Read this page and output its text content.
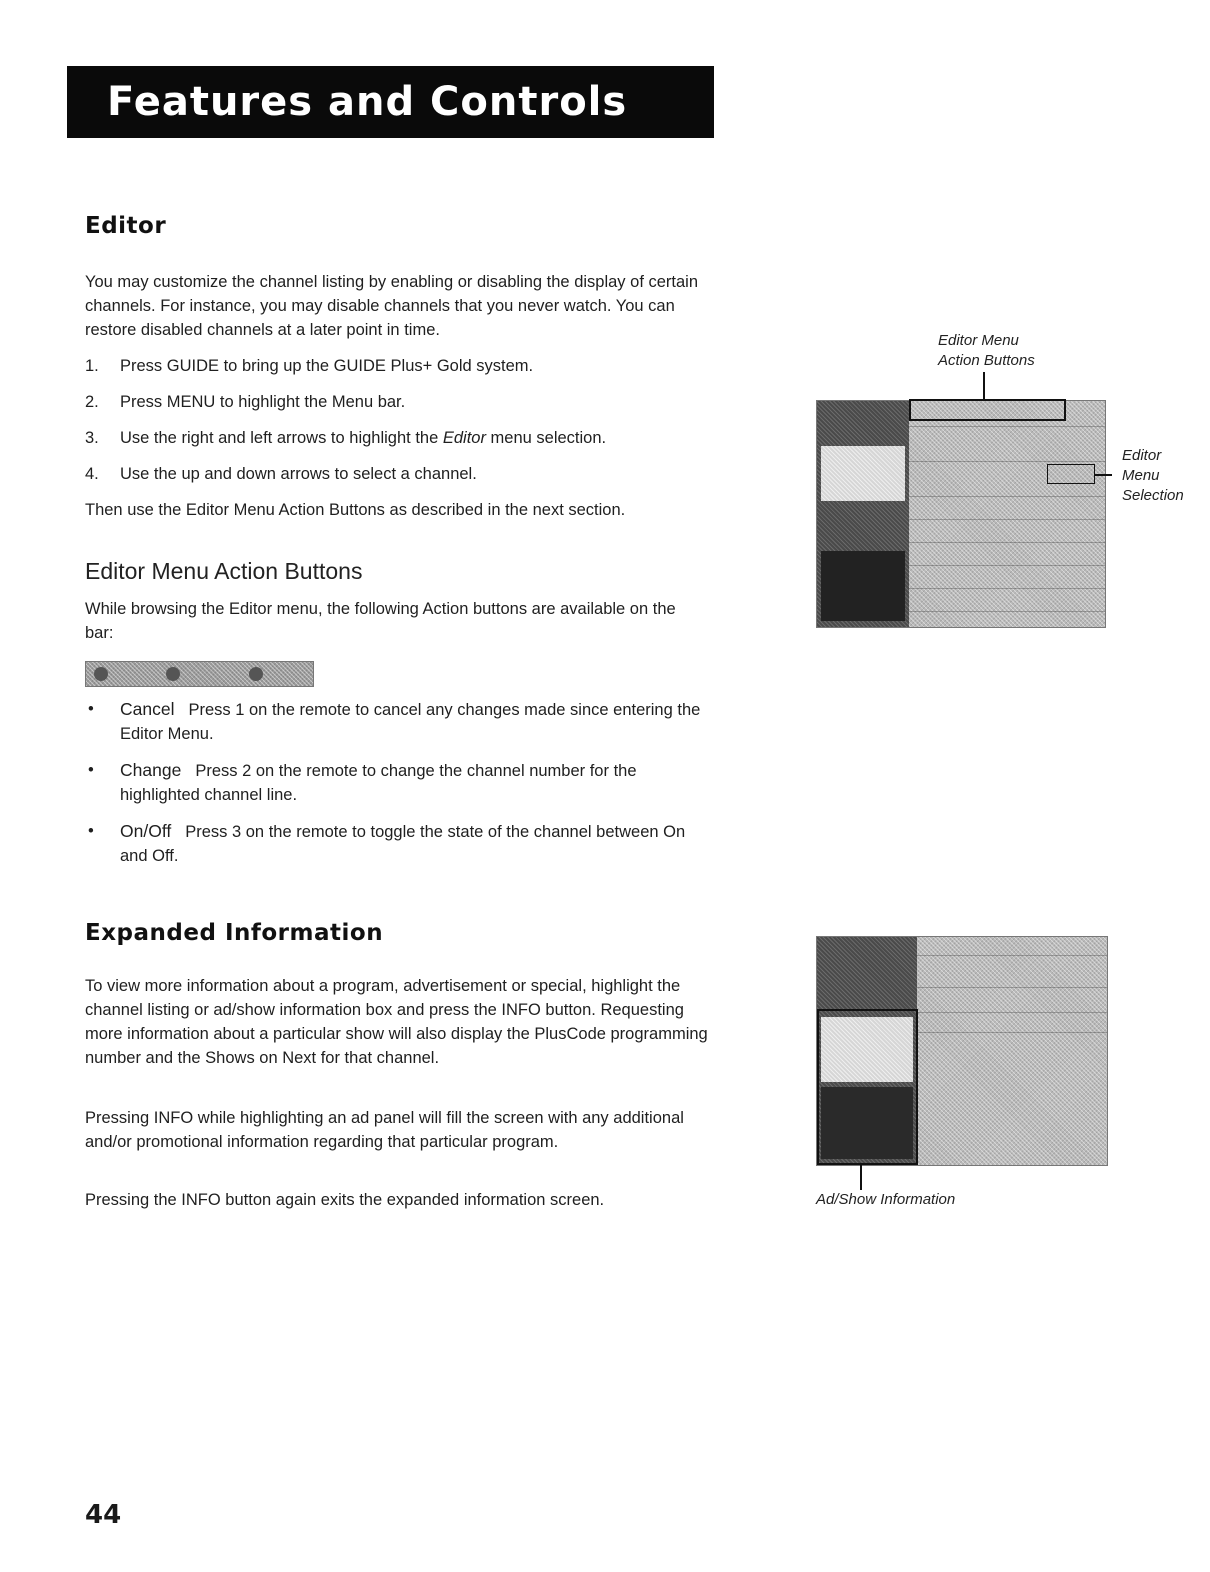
Features and Controls
Editor

You may customize the channel listing by enabling or disabling the display of certain channels. For instance, you may disable channels that you never watch. You can restore disabled channels at a later point in time.

1. Press GUIDE to bring up the GUIDE Plus+ Gold system.
2. Press MENU to highlight the Menu bar.
3. Use the right and left arrows to highlight the Editor menu selection.
4. Use the up and down arrows to select a channel.

Then use the Editor Menu Action Buttons as described in the next section.

Editor Menu Action Buttons

While browsing the Editor menu, the following Action buttons are available on the bar:

• Cancel Press 1 on the remote to cancel any changes made since entering the Editor Menu.
• Change Press 2 on the remote to change the channel number for the highlighted channel line.
• On/Off Press 3 on the remote to toggle the state of the channel between On and Off.
Editor Menu
Action Buttons
Editor
Menu
Selection
Expanded Information

To view more information about a program, advertisement or special, highlight the channel listing or ad/show information box and press the INFO button. Requesting more information about a particular show will also display the PlusCode programming number and the Shows on Next for that channel.

Pressing INFO while highlighting an ad panel will fill the screen with any additional and/or promotional information regarding that particular program.

Pressing the INFO button again exits the expanded information screen.	Ad/Show Information
44
